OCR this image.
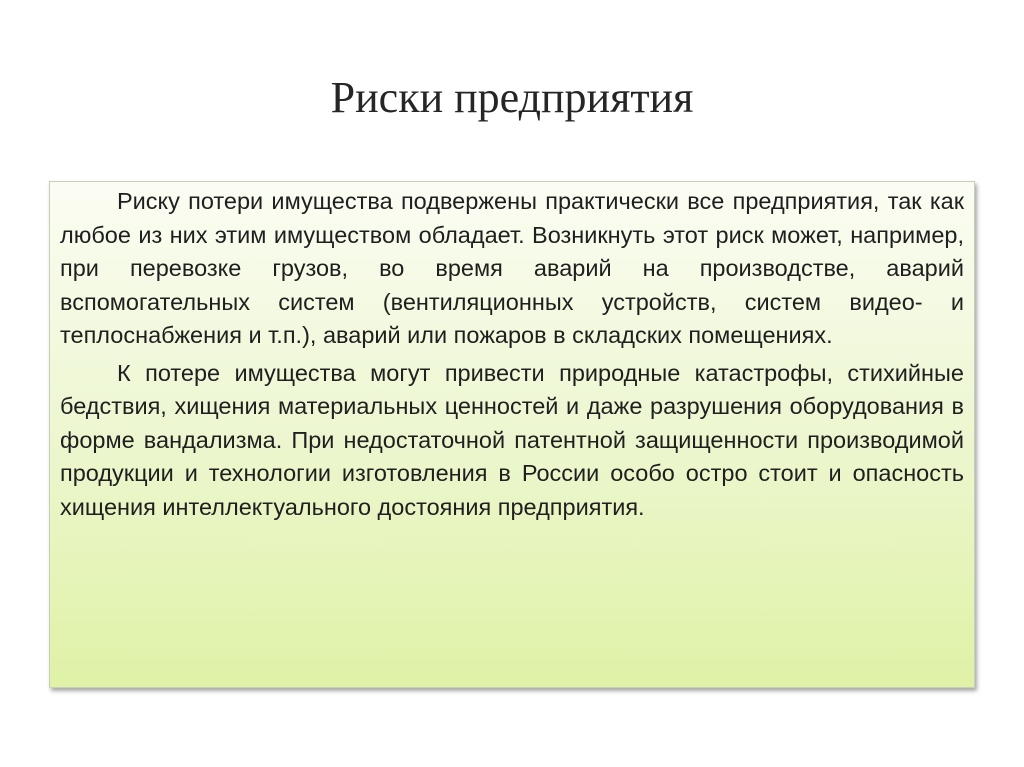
Риски предприятия

Риску потери имущества подвержены практически все предприятия, так как любое из них этим имуществом обладает. Возникнуть этот риск может, например, при перевозке грузов, во время аварий на производстве, аварий вспомогательных систем (вентиляционных устройств, систем видео- и теплоснабжения и т.п.), аварий или пожаров в складских помещениях.

К потере имущества могут привести природные катастрофы, стихийные бедствия, хищения материальных ценностей и даже разрушения оборудования в форме вандализма. При недостаточной патентной защищенности производимой продукции и технологии изготовления в России особо остро стоит и опасность хищения интеллектуального достояния предприятия.
